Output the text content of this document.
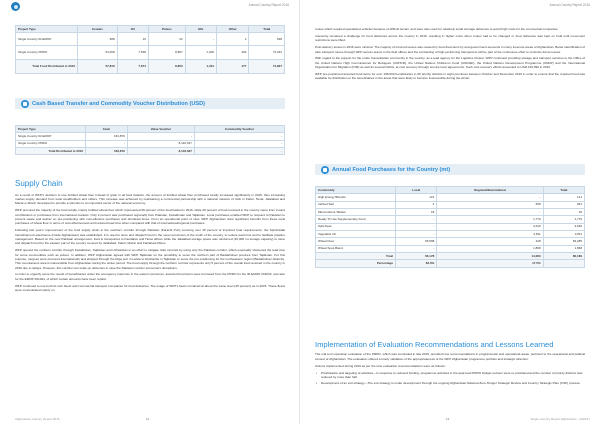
Annual Country Report 2016
Project Type	Cereals	Oil	Pulses	Mix	Other	Total
Single Country IR-EMOP	488	16	22	-	2	528
Single Country PRRO	54,068	7,538	8,867	1,406	462	72,342
Total Food Distributed in 2016	57,816	7,674	8,850	1,404	477	74,827
Cash Based Transfer and Commodity Voucher Distribution (USD)
Project Type	Cash	Value Voucher	Commodity Voucher
Single Country IR-EMOP	163,879	-	-
Single Country PRRO	-	8,140,627	-
Total Distributed in 2016	163,879	8,140,627	-
Supply Chain

As a result of WFP's decision to use fortified wheat flour instead of grain in all food baskets, the amount of fortified wheat flour purchased locally increased significantly in 2016, thus increasing market supply demand from local smallholders and millers. This increase was achieved by maintaining a commercial partnership with a national network of mills in Kabul, Herat, Jalalabad and Mazar-e-Sharif, developed to provide a stimulus to an important sector of the national economy.

WFP procured the majority of the food locally, mainly fortified wheat flour which represented 69 percent of the food basket in 2016, while 29 percent of food received in the country came from in-kind contributions or purchases from international markets. Only 2 percent was purchased regionally from Pakistan, Kazakhstan and Tajikistan. Local purchases enabled WFP to respond to Pakistan to prevent waste and deliver on pre-positioning with cost-effective purchases and shortlead times. From an operational point of view, WFP Afghanistan drew significant benefits from these local purchases of wheat flour in terms of cost-effectiveness and reduced lead time when compared with that of international/regional purchases.

Following last year's improvement of the food supply chain in the southern corridor through Pakistan (Karachi Port) covering over 30 percent of imported food requirements, the Spinboldak transshipment warehouse (inside Afghanistan) was established. It is used to store and dispatch food in the seven provinces of the south of the country, to reduce lead time and to facilitate pipeline management. Based on the new Pakistan arrangement, food is transported to Kandahar and Herat offices while the Jalalabad storage space was reinforced (10,000 mt storage capacity) to store and dispatch food for the eastern part of the country covered by Jalalabad, Kabul, Mazar and Faizabad offices.

WFP opened the northern corridor through Kazakhstan, Tajikistan and Uzbekistan in an effort to mitigate risks incurred by using only the Pakistan corridor, which eventually shortened the lead time for some commodities such as pulses. In addition, WFP Afghanistan agreed with WFP Tajikistan on the possibility to serve the northern part of Badakhshan province from Tajikistan. For this purpose, cargoes were procured internationally and shipped through the Riga port in Latvia to Dushanbe in Tajikistan to serve the pre-positioning for the northeastern region (Badakhshan districts). This mountainous area is inaccessible from Afghanistan during the winter period. The food supply through the northern corridor represents only 5 percent of the overall food received in the country in 2016 due to delays. However, this corridor can scale up deliveries in case the Pakistan corridor encounters disruptions.

In order to urgently serve the needs of beneficiaries under the emergency response in the eastern provinces, assorted food items were borrowed from the PRRO for the IR-EMOP 201032, and also for the EMOP 201024, of which certain amounts have been repaid.

WFP continued to use both its own fleets and commercial transport companies for food deliveries. The usage of WFP's fleets remained at about the same level (35 percent) as in 2015. These fleets were concentrated mainly on

Afghanistan Country Report 2016	11
Annual Country Report 2016

routes which required specialised vehicles because of difficult terrain, and were also used for relatively small tonnage deliveries to avoid high costs for the commercial companies.

Insecurity remained a challenge for food deliveries across the country in 2016, resulting in higher costs when routes had to be changed or food deliveries was kept on hold until movement restrictions were lifted.

Post-delivery losses in 2016 were minimal. The majority of incurred losses was caused by food diversions by anti-government elements in many insecure areas of Afghanistan. Better identification of safe transport routes through WFP access teams in the field offices and the contracting of high-performing transporters will be part of the continuous effort to minimize future losses.

With regard to the support for the entire humanitarian community in the country, as a lead agency for the Logistics Cluster, WFP continued providing storage and transport services to the Office of the United Nations High Commissioner for Refugees (UNHCR), the United Nations Children's Fund (UNICEF), the United Nations Development Programme (UNDP) and the International Organization for Migration (IOM) as well as several NGOs, at cost recovery through service level agreements. Such cost recovery efforts amounted to USD 410,590 in 2016.

WFP pre-positioned assorted food items for over 198,000 beneficiaries in 60 priority districts in eight provinces between October and December 2016 in order to ensure that the required food was available for distribution to the beneficiaries in the areas that were likely to become inaccessible during the winter.

Annual Food Purchases for the Country (mt)
Commodity	Local	Regional/International	Total
High Energy Biscuits	121	-	121
Iodised Salt	2	658	661
Micronutrient Tablets	18	-	18
Ready To Use Supplementary Food	-	1,779	1,779
Split Peas	-	3,640	3,640
Vegetable Oil	-	3,811	3,811
Wheat Flour	65,898	428	66,285
Wheat Soya Blend	-	1,868	1,868
Total	66,178	14,083	80,189
Percentage	82.6%	17.5%	
Implementation of Evaluation Recommendations and Lessons Learned

The mid-term operation evaluation of the PRRO, which was concluded in late 2015, provided nine recommendations in programmatic and operational areas, pertinent to the operational and political context of Afghanistan. The evaluation offered a timely validation of the appropriateness of the WFP Afghanistan programme portfolio and strategic direction.

Actions implemented during 2016 as per the nine evaluation recommendations were as follows:

• Prioritisation and targeting of activities—In response to reduced funding, programme activities in the approved PRRO budget revision were re-prioritised and the number of priority districts was reduced by more than half.
• Development of an exit strategy—The exit strategy is under development through the ongoing Afghanistan National Zero-Hunger Strategic Review and Country Strategic Plan (CSP) process.
12	Single Country Report Afghanistan - 2016/17
